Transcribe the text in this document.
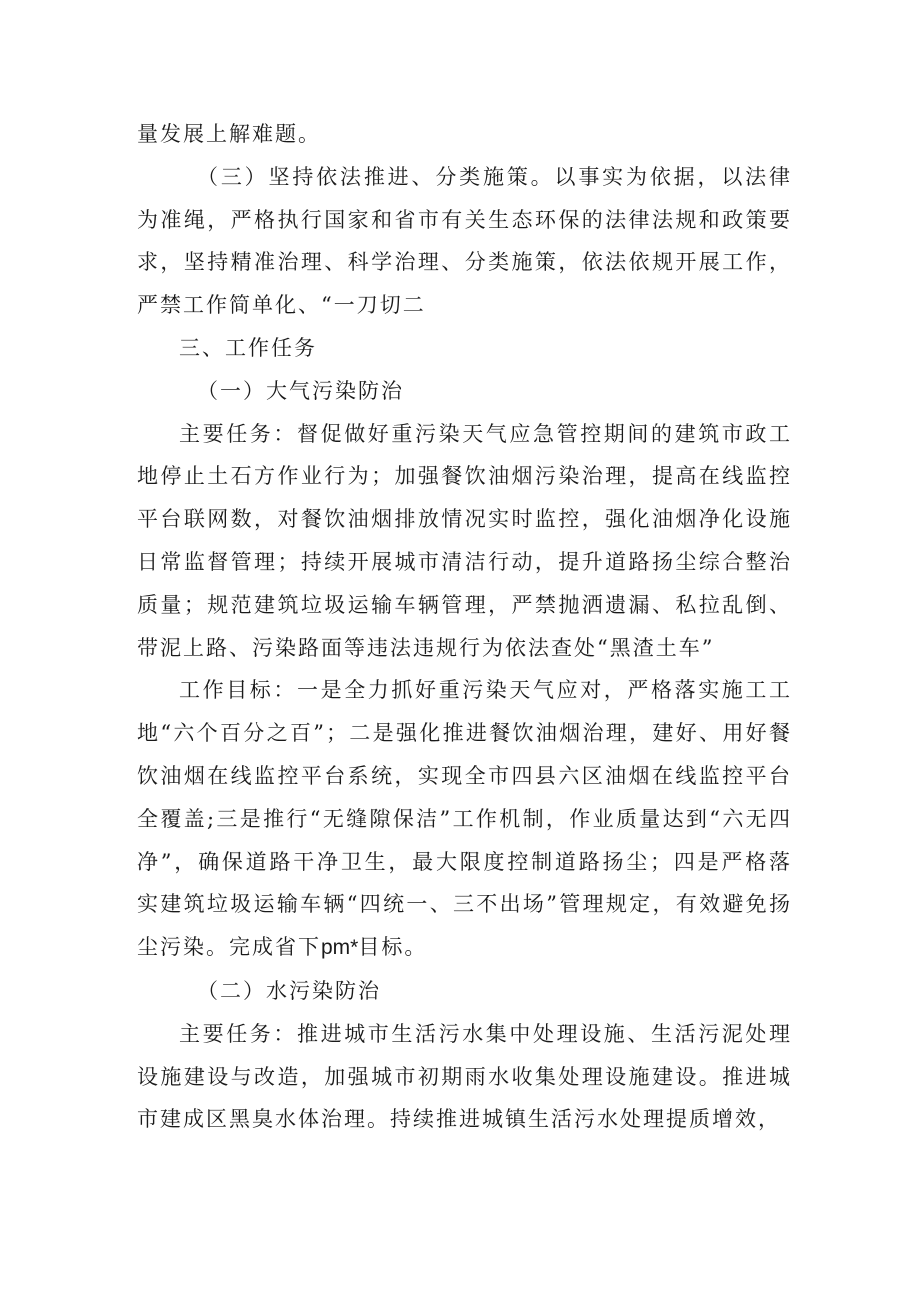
量发展上解难题。

（三）坚持依法推进、分类施策。以事实为依据，以法律为准绳，严格执行国家和省市有关生态环保的法律法规和政策要求，坚持精准治理、科学治理、分类施策，依法依规开展工作，严禁工作简单化、“一刀切二

三、工作任务

（一）大气污染防治

主要任务：督促做好重污染天气应急管控期间的建筑市政工地停止土石方作业行为；加强餐饮油烟污染治理，提高在线监控平台联网数，对餐饮油烟排放情况实时监控，强化油烟净化设施日常监督管理；持续开展城市清洁行动，提升道路扬尘综合整治质量；规范建筑垃圾运输车辆管理，严禁抛洒遗漏、私拉乱倒、带泥上路、污染路面等违法违规行为依法查处“黑渣土车”

工作目标：一是全力抓好重污染天气应对，严格落实施工工地“六个百分之百”；二是强化推进餐饮油烟治理，建好、用好餐饮油烟在线监控平台系统，实现全市四县六区油烟在线监控平台全覆盖;三是推行“无缝隙保洁”工作机制，作业质量达到“六无四净”，确保道路干净卫生，最大限度控制道路扬尘；四是严格落实建筑垃圾运输车辆“四统一、三不出场”管理规定，有效避免扬尘污染。完成省下pm*目标。

（二）水污染防治

主要任务：推进城市生活污水集中处理设施、生活污泥处理设施建设与改造，加强城市初期雨水收集处理设施建设。推进城市建成区黑臭水体治理。持续推进城镇生活污水处理提质增效，
